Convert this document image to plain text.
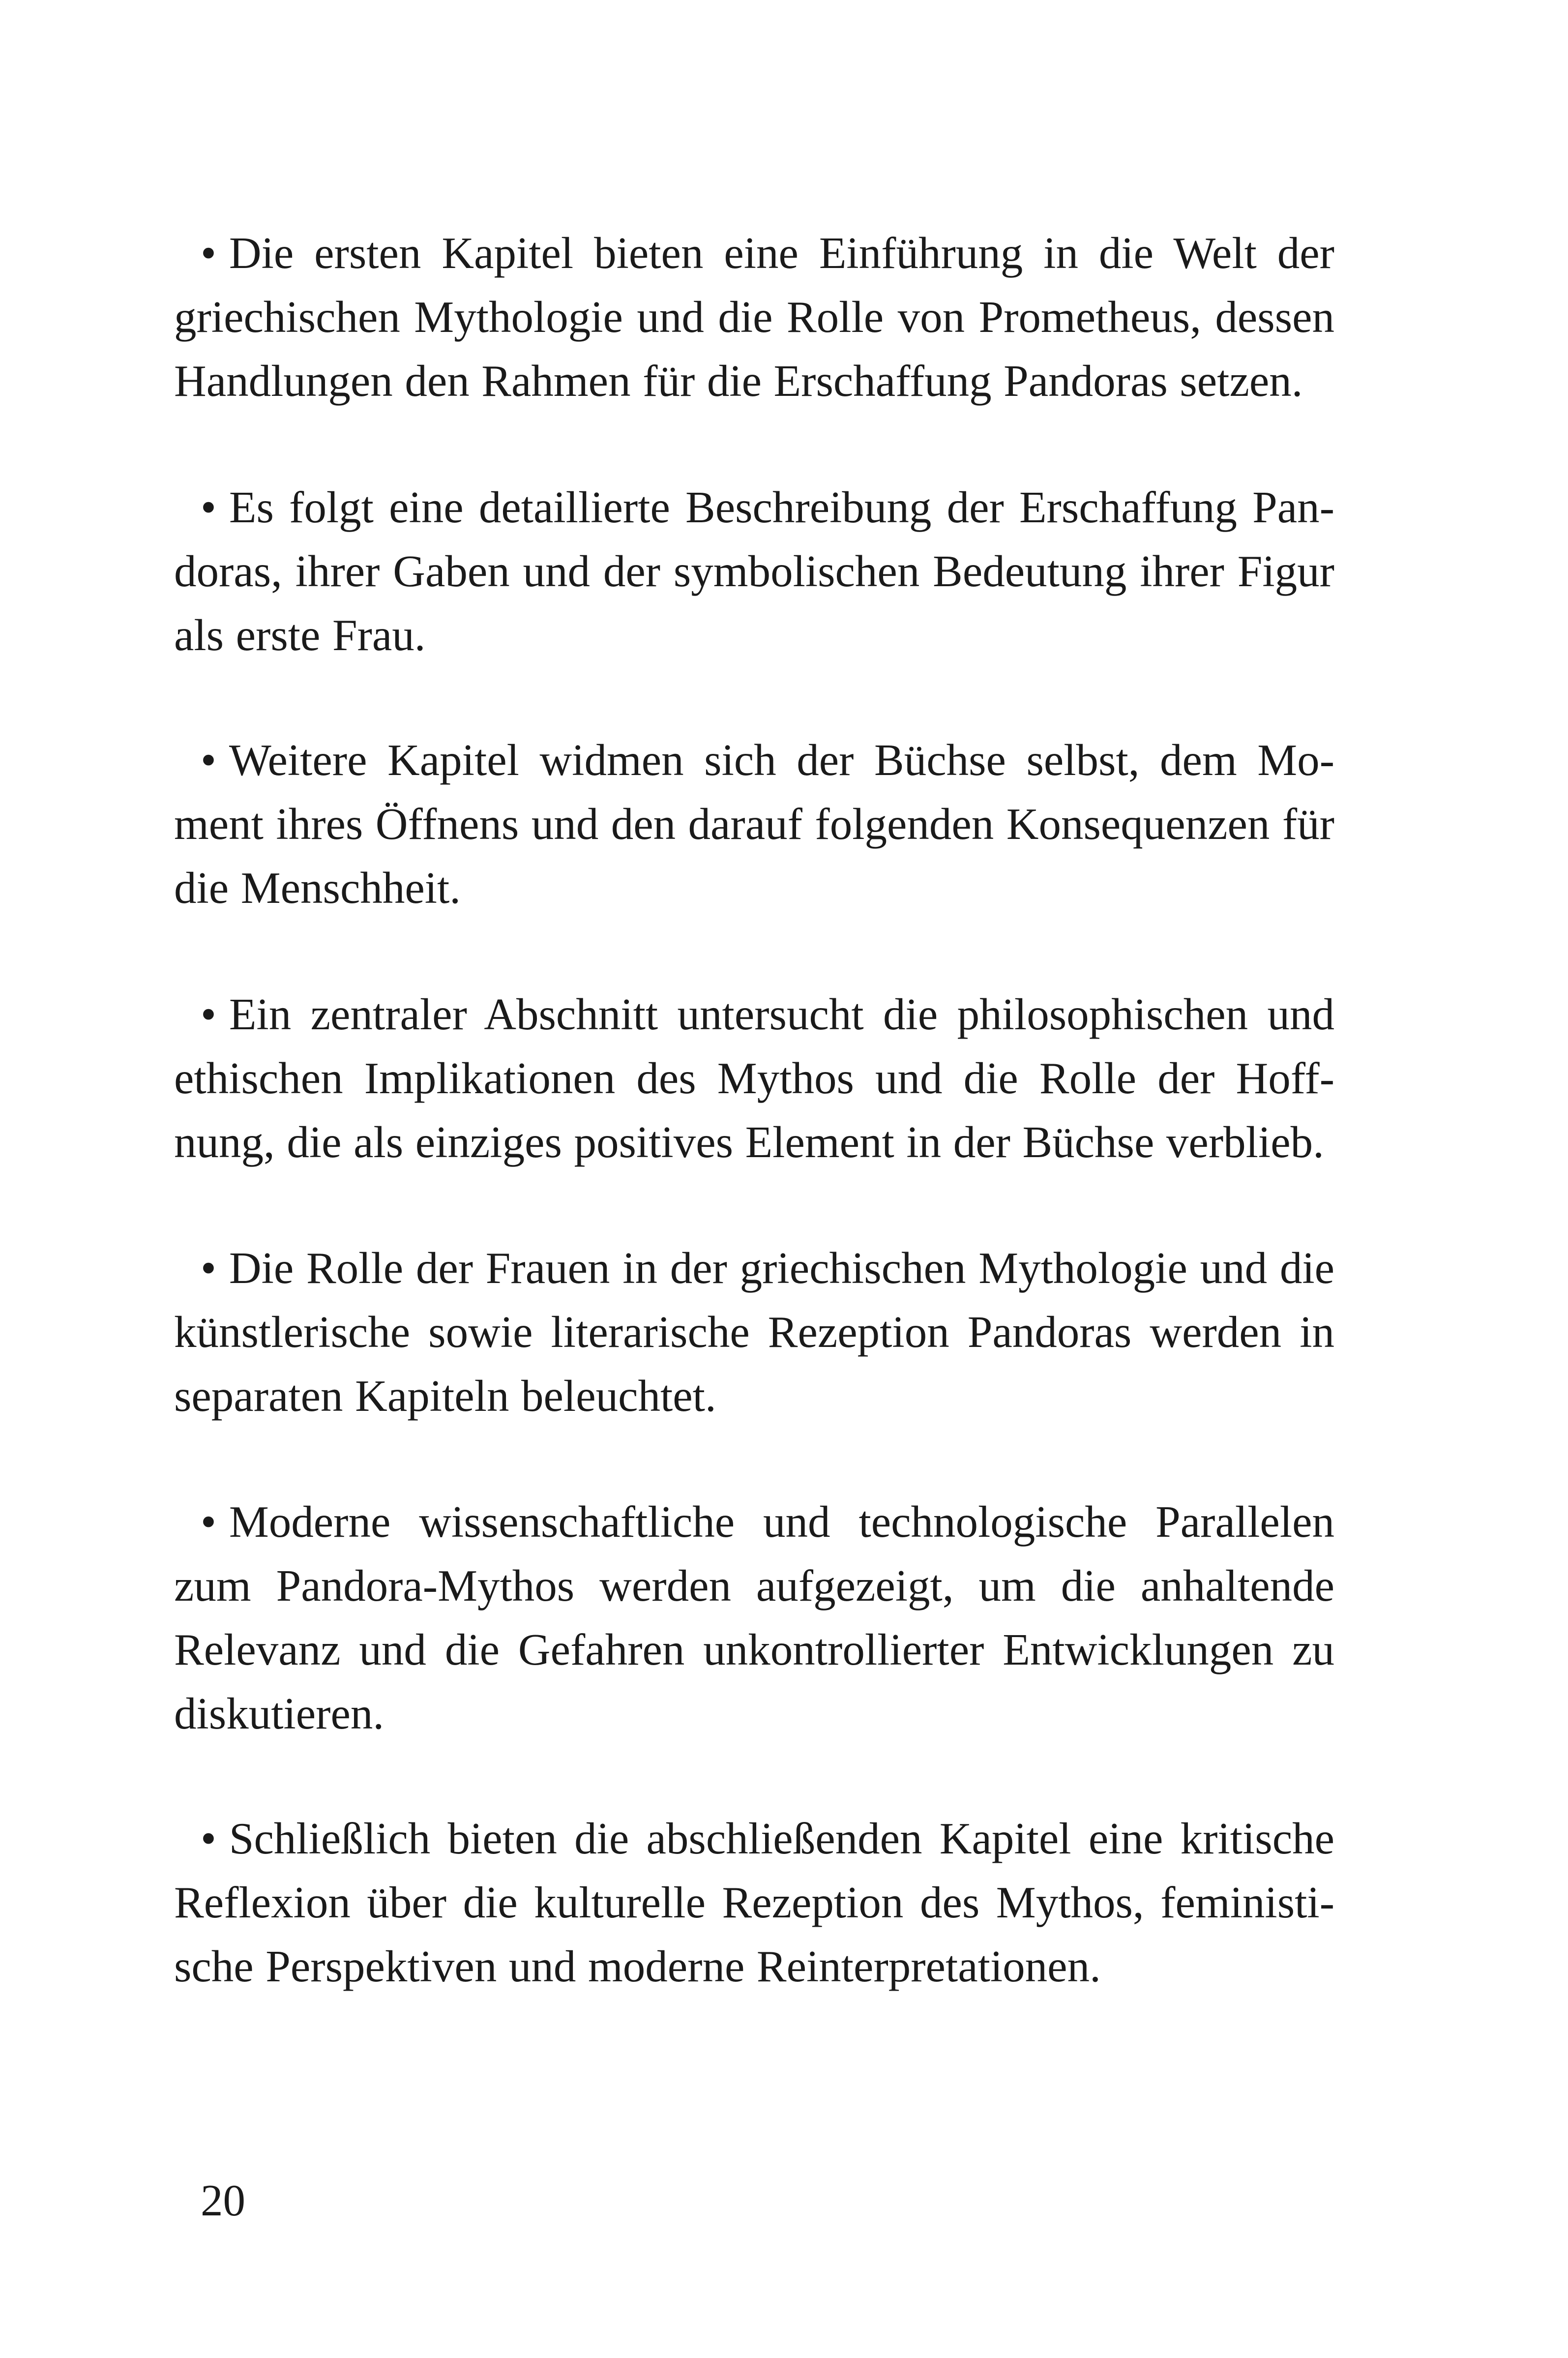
• Die ersten Kapitel bieten eine Einführung in die Welt der griechischen Mythologie und die Rolle von Prometheus, dessen Handlungen den Rahmen für die Erschaffung Pandoras setzen.

• Es folgt eine detaillierte Beschreibung der Erschaffung Pandoras, ihrer Gaben und der symbolischen Bedeutung ihrer Figur als erste Frau.

• Weitere Kapitel widmen sich der Büchse selbst, dem Moment ihres Öffnens und den darauf folgenden Konsequenzen für die Menschheit.

• Ein zentraler Abschnitt untersucht die philosophischen und ethischen Implikationen des Mythos und die Rolle der Hoffnung, die als einziges positives Element in der Büchse verblieb.

• Die Rolle der Frauen in der griechischen Mythologie und die künstlerische sowie literarische Rezeption Pandoras werden in separaten Kapiteln beleuchtet.

• Moderne wissenschaftliche und technologische Parallelen zum Pandora-Mythos werden aufgezeigt, um die anhaltende Relevanz und die Gefahren unkontrollierter Entwicklungen zu diskutieren.

• Schließlich bieten die abschließenden Kapitel eine kritische Reflexion über die kulturelle Rezeption des Mythos, feministische Perspektiven und moderne Reinterpretationen.

20
